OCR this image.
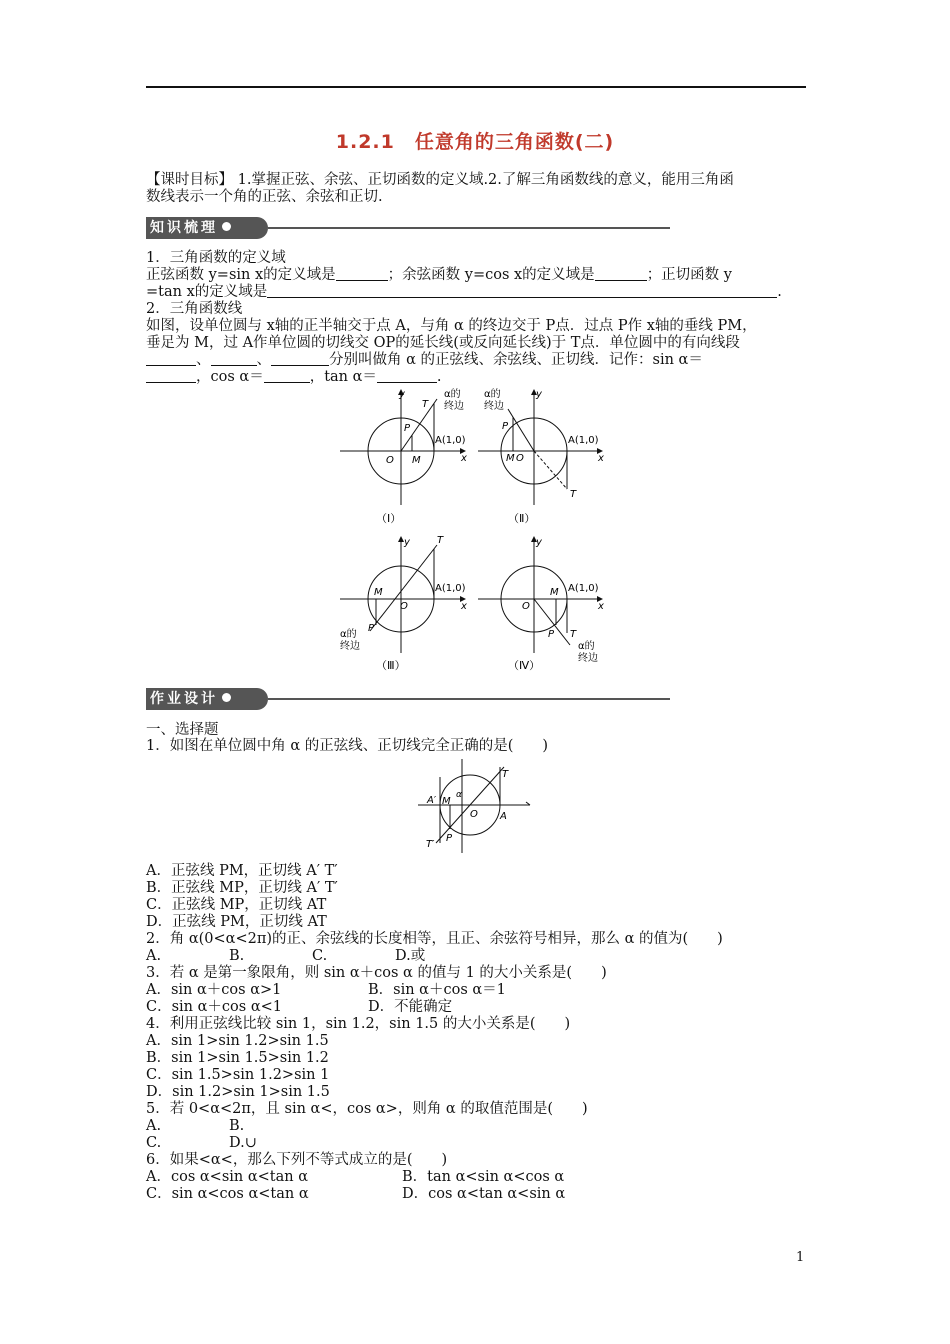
1.2.1　任意角的三角函数(二)
【课时目标】 1.掌握正弦、余弦、正切函数的定义域.2.了解三角函数线的意义，能用三角函
数线表示一个角的正弦、余弦和正切.
知识梳理
1．三角函数的定义域
正弦函数 y=sin x的定义域是	；余弦函数 y=cos x的定义域是	；正切函数 y
=tan x的定义域是	.
2．三角函数线
如图，设单位圆与 x轴的正半轴交于点 A，与角 α 的终边交于 P点．过点 P作 x轴的垂线 PM，
垂足为 M，过 A作单位圆的切线交 OP的延长线(或反向延长线)于 T点．单位圆中的有向线段
、	、	分别叫做角 α 的正弦线、余弦线、正切线．记作：sin α＝
，cos α＝	，tan α＝	.
y
x
O M
P
T
A(1,0)
α的
终边
（Ⅰ）
y
x
O
M
P
T
A(1,0)
α的
终边
（Ⅱ）
y
x
O
M
P
T
A(1,0)
α的
终边
（Ⅲ）
y
x
O
M
P T
A(1,0)
α的
终边
（Ⅳ）
作业设计
一、选择题
1．如图在单位圆中角 α 的正弦线、正切线完全正确的是(　　)
A′ M
α
O A
T
T′
P
A．正弦线 PM，正切线 A′ T′
B．正弦线 MP，正切线 A′ T′
C．正弦线 MP，正切线 AT
D．正弦线 PM，正切线 AT
2．角 α(0<α<2π)的正、余弦线的长度相等，且正、余弦符号相异，那么 α 的值为(　　)
A.	B.	C.	D.或
3．若 α 是第一象限角，则 sin α＋cos α 的值与 1 的大小关系是(　　)
A．sin α＋cos α>1	B．sin α＋cos α＝1
C．sin α＋cos α<1	D．不能确定
4．利用正弦线比较 sin 1，sin 1.2，sin 1.5 的大小关系是(　　)
A．sin 1>sin 1.2>sin 1.5
B．sin 1>sin 1.5>sin 1.2
C．sin 1.5>sin 1.2>sin 1
D．sin 1.2>sin 1>sin 1.5
5．若 0<α<2π，且 sin α<，cos α>，则角 α 的取值范围是(　　)
A.	B.
C.	D.∪
6．如果<α<，那么下列不等式成立的是(　　)
A．cos α<sin α<tan α	B．tan α<sin α<cos α
C．sin α<cos α<tan α	D．cos α<tan α<sin α
1
